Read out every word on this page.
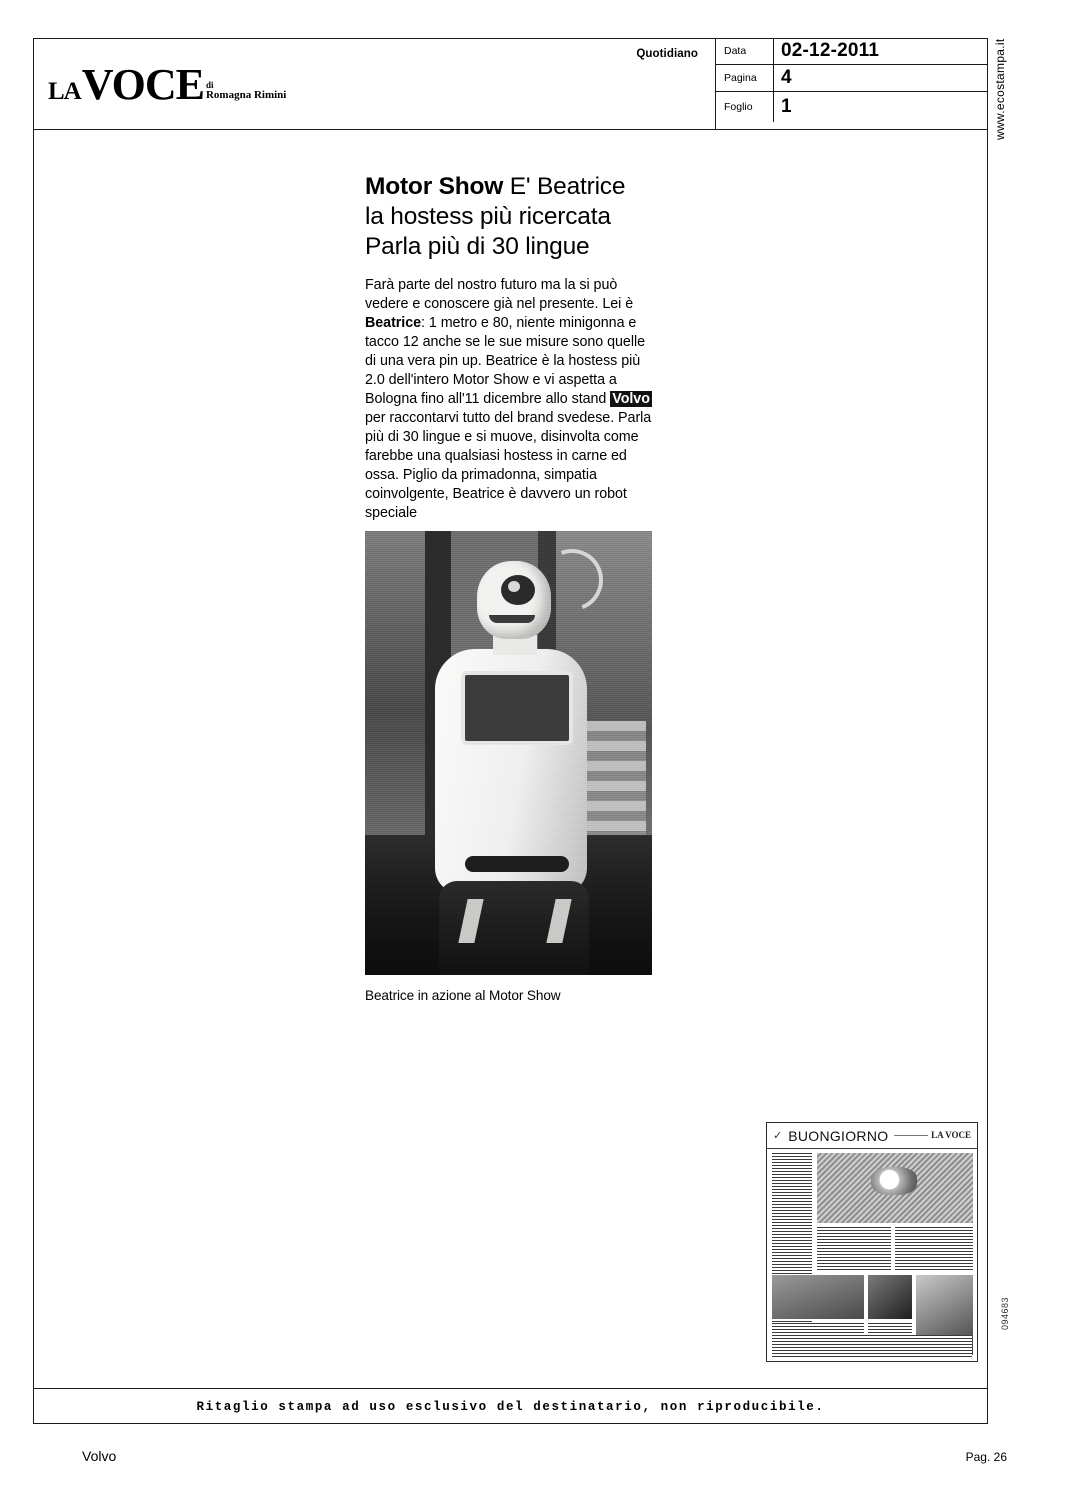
LA VOCE di
Romagna Rimini
Quotidiano	Data	02-12-2011
Pagina	4
Foglio	1	www.ecostampa.it
094683
Motor Show E' Beatrice
la hostess più ricercata
Parla più di 30 lingue
Farà parte del nostro futuro ma la si può vedere e conoscere già nel presente. Lei è Beatrice: 1 metro e 80, niente minigonna e tacco 12 anche se le sue misure sono quelle di una vera pin up. Beatrice è la hostess più 2.0 dell'intero Motor Show e vi aspetta a Bologna fino all'11 dicembre allo stand Volvo per raccontarvi tutto del brand svedese. Parla più di 30 lingue e si muove, disinvolta come farebbe una qualsiasi hostess in carne ed ossa. Piglio da primadonna, simpatia coinvolgente, Beatrice è davvero un robot speciale
Beatrice in azione al Motor Show
✓ BUONGIORNO	LA VOCE
Ritaglio stampa ad uso esclusivo del destinatario, non riproducibile.
Volvo	Pag. 26
